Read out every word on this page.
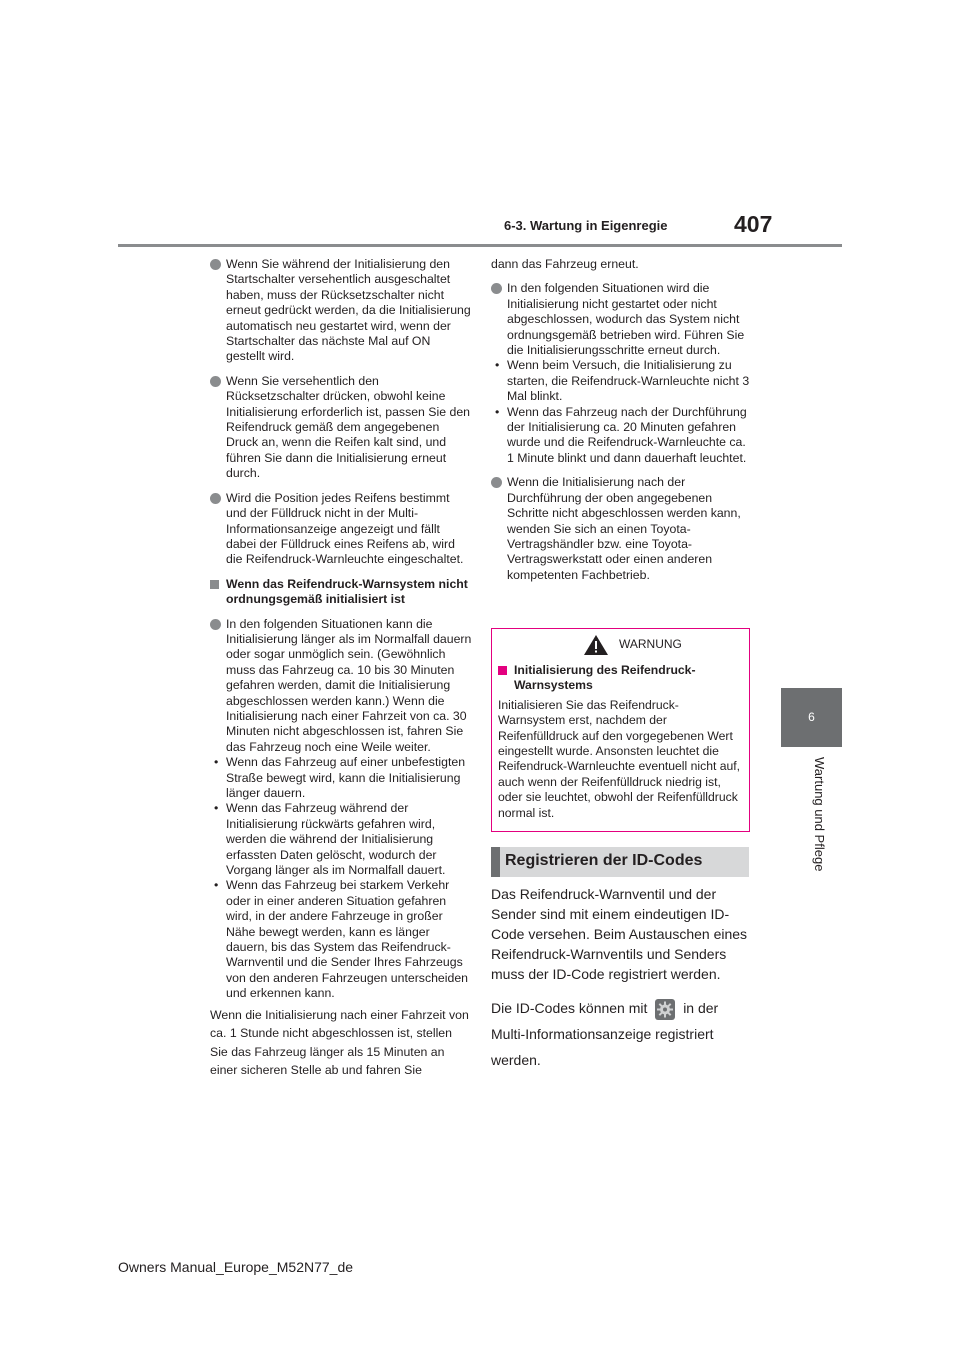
6-3. Wartung in Eigenregie	407
6
Wartung und Pflege
Wenn Sie während der Initialisierung den Startschalter versehentlich ausgeschaltet haben, muss der Rücksetzschalter nicht erneut gedrückt werden, da die Initialisierung automatisch neu gestartet wird, wenn der Startschalter das nächste Mal auf ON gestellt wird.
Wenn Sie versehentlich den Rücksetzschalter drücken, obwohl keine Initialisierung erforderlich ist, passen Sie den Reifendruck gemäß dem angegebenen Druck an, wenn die Reifen kalt sind, und führen Sie dann die Initialisierung erneut durch.
Wird die Position jedes Reifens bestimmt und der Fülldruck nicht in der Multi-Informationsanzeige angezeigt und fällt dabei der Fülldruck eines Reifens ab, wird die Reifendruck-Warnleuchte eingeschaltet.
Wenn das Reifendruck-Warnsystem nicht ordnungsgemäß initialisiert ist
In den folgenden Situationen kann die Initialisierung länger als im Normalfall dauern oder sogar unmöglich sein. (Gewöhnlich muss das Fahrzeug ca. 10 bis 30 Minuten gefahren werden, damit die Initialisierung abgeschlossen werden kann.) Wenn die Initialisierung nach einer Fahrzeit von ca. 30 Minuten nicht abgeschlossen ist, fahren Sie das Fahrzeug noch eine Weile weiter.
• Wenn das Fahrzeug auf einer unbefestigten Straße bewegt wird, kann die Initialisierung länger dauern.
• Wenn das Fahrzeug während der Initialisierung rückwärts gefahren wird, werden die während der Initialisierung erfassten Daten gelöscht, wodurch der Vorgang länger als im Normalfall dauert.
• Wenn das Fahrzeug bei starkem Verkehr oder in einer anderen Situation gefahren wird, in der andere Fahrzeuge in großer Nähe bewegt werden, kann es länger dauern, bis das System das Reifendruck-Warnventil und die Sender Ihres Fahrzeugs von den anderen Fahrzeugen unterscheiden und erkennen kann.
Wenn die Initialisierung nach einer Fahrzeit von ca. 1 Stunde nicht abgeschlossen ist, stellen Sie das Fahrzeug länger als 15 Minuten an einer sicheren Stelle ab und fahren Sie
dann das Fahrzeug erneut.
In den folgenden Situationen wird die Initialisierung nicht gestartet oder nicht abgeschlossen, wodurch das System nicht ordnungsgemäß betrieben wird. Führen Sie die Initialisierungsschritte erneut durch.
• Wenn beim Versuch, die Initialisierung zu starten, die Reifendruck-Warnleuchte nicht 3 Mal blinkt.
• Wenn das Fahrzeug nach der Durchführung der Initialisierung ca. 20 Minuten gefahren wurde und die Reifendruck-Warnleuchte ca. 1 Minute blinkt und dann dauerhaft leuchtet.
Wenn die Initialisierung nach der Durchführung der oben angegebenen Schritte nicht abgeschlossen werden kann, wenden Sie sich an einen Toyota-Vertragshändler bzw. eine Toyota-Vertragswerkstatt oder einen anderen kompetenten Fachbetrieb.
WARNUNG
Initialisierung des Reifendruck-Warnsystems
Initialisieren Sie das Reifendruck-Warnsystem erst, nachdem der Reifenfülldruck auf den vorgegebenen Wert eingestellt wurde. Ansonsten leuchtet die Reifendruck-Warnleuchte eventuell nicht auf, auch wenn der Reifenfülldruck niedrig ist, oder sie leuchtet, obwohl der Reifenfülldruck normal ist.
Registrieren der ID-Codes
Das Reifendruck-Warnventil und der Sender sind mit einem eindeutigen ID-Code versehen. Beim Austauschen eines Reifendruck-Warnventils und Senders muss der ID-Code registriert werden.
Die ID-Codes können mit	in der Multi-Informationsanzeige registriert werden.
Owners Manual_Europe_M52N77_de
